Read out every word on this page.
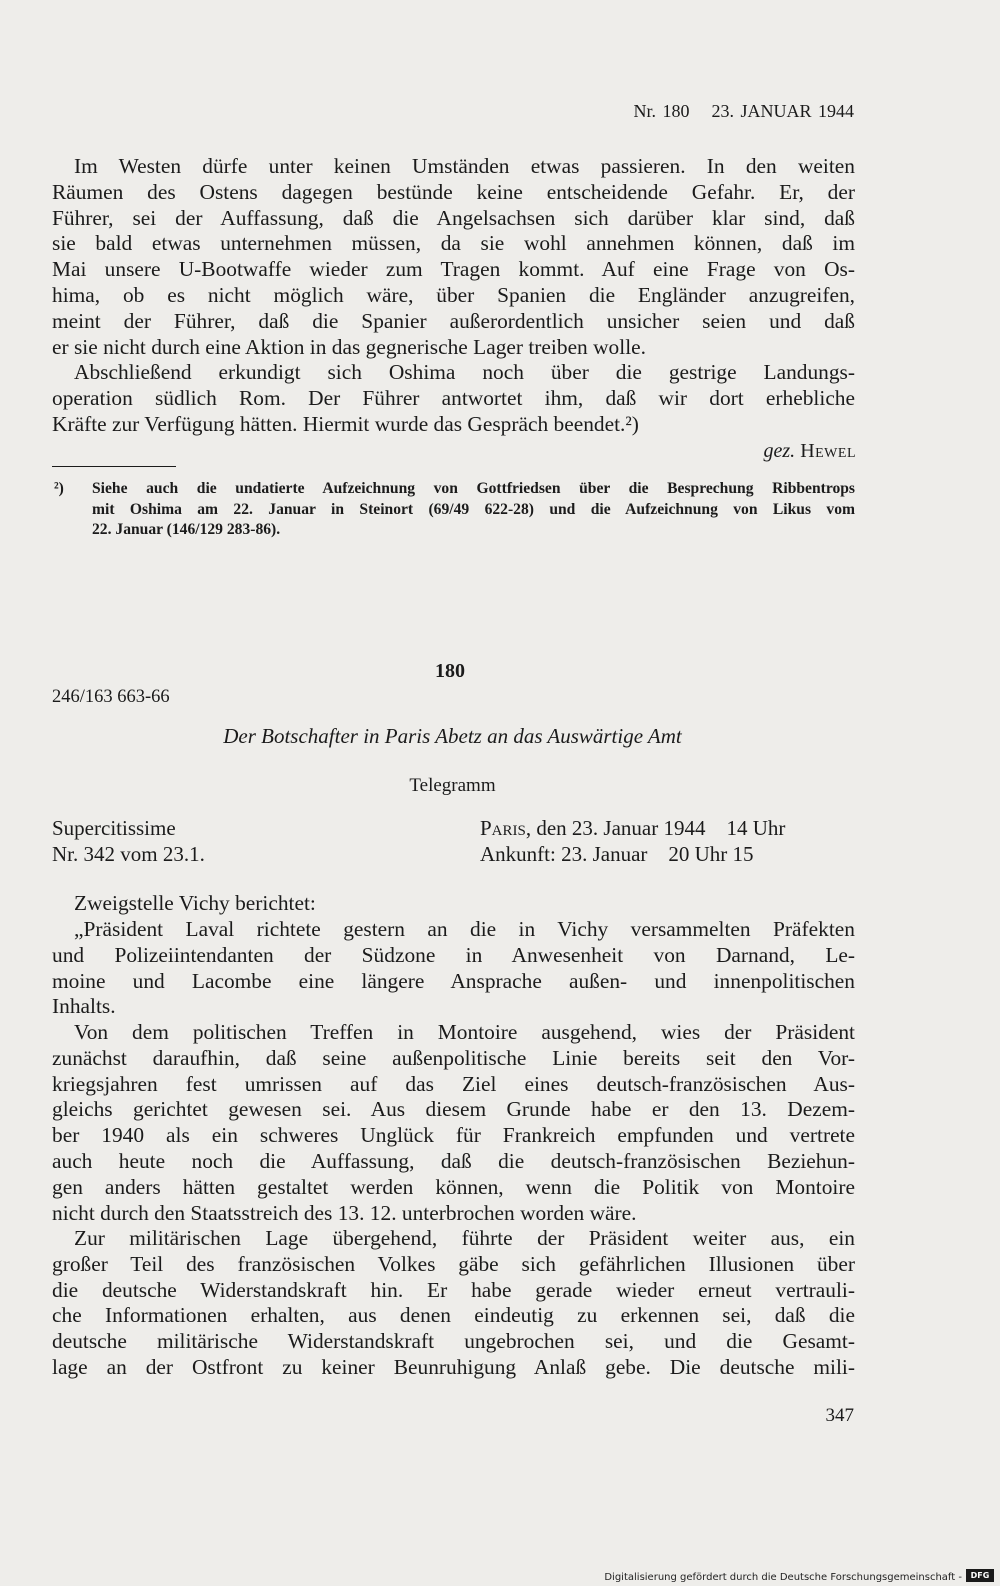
Nr. 180 23. JANUAR 1944
Im Westen dürfe unter keinen Umständen etwas passieren. In den weiten
Räumen des Ostens dagegen bestünde keine entscheidende Gefahr. Er, der
Führer, sei der Auffassung, daß die Angelsachsen sich darüber klar sind, daß
sie bald etwas unternehmen müssen, da sie wohl annehmen können, daß im
Mai unsere U-Bootwaffe wieder zum Tragen kommt. Auf eine Frage von Os-
hima, ob es nicht möglich wäre, über Spanien die Engländer anzugreifen,
meint der Führer, daß die Spanier außerordentlich unsicher seien und daß
er sie nicht durch eine Aktion in das gegnerische Lager treiben wolle.
Abschließend erkundigt sich Oshima noch über die gestrige Landungs-
operation südlich Rom. Der Führer antwortet ihm, daß wir dort erhebliche
Kräfte zur Verfügung hätten. Hiermit wurde das Gespräch beendet.²)
gez. Hewel
²)	Siehe auch die undatierte Aufzeichnung von Gottfriedsen über die Besprechung Ribbentrops
mit Oshima am 22. Januar in Steinort (69/49 622-28) und die Aufzeichnung von Likus vom
22. Januar (146/129 283-86).
180
246/163 663-66
Der Botschafter in Paris Abetz an das Auswärtige Amt
Telegramm
Supercitissime
Nr. 342 vom 23.1.
Paris, den 23. Januar 1944    14 Uhr
Ankunft: 23. Januar    20 Uhr 15
Zweigstelle Vichy berichtet:
„Präsident Laval richtete gestern an die in Vichy versammelten Präfekten
und Polizeiintendanten der Südzone in Anwesenheit von Darnand, Le-
moine und Lacombe eine längere Ansprache außen- und innenpolitischen
Inhalts.
Von dem politischen Treffen in Montoire ausgehend, wies der Präsident
zunächst daraufhin, daß seine außenpolitische Linie bereits seit den Vor-
kriegsjahren fest umrissen auf das Ziel eines deutsch-französischen Aus-
gleichs gerichtet gewesen sei. Aus diesem Grunde habe er den 13. Dezem-
ber 1940 als ein schweres Unglück für Frankreich empfunden und vertrete
auch heute noch die Auffassung, daß die deutsch-französischen Beziehun-
gen anders hätten gestaltet werden können, wenn die Politik von Montoire
nicht durch den Staatsstreich des 13. 12. unterbrochen worden wäre.
Zur militärischen Lage übergehend, führte der Präsident weiter aus, ein
großer Teil des französischen Volkes gäbe sich gefährlichen Illusionen über
die deutsche Widerstandskraft hin. Er habe gerade wieder erneut vertrauli-
che Informationen erhalten, aus denen eindeutig zu erkennen sei, daß die
deutsche militärische Widerstandskraft ungebrochen sei, und die Gesamt-
lage an der Ostfront zu keiner Beunruhigung Anlaß gebe. Die deutsche mili-
347
Digitalisierung gefördert durch die Deutsche Forschungsgemeinschaft -	DFG
